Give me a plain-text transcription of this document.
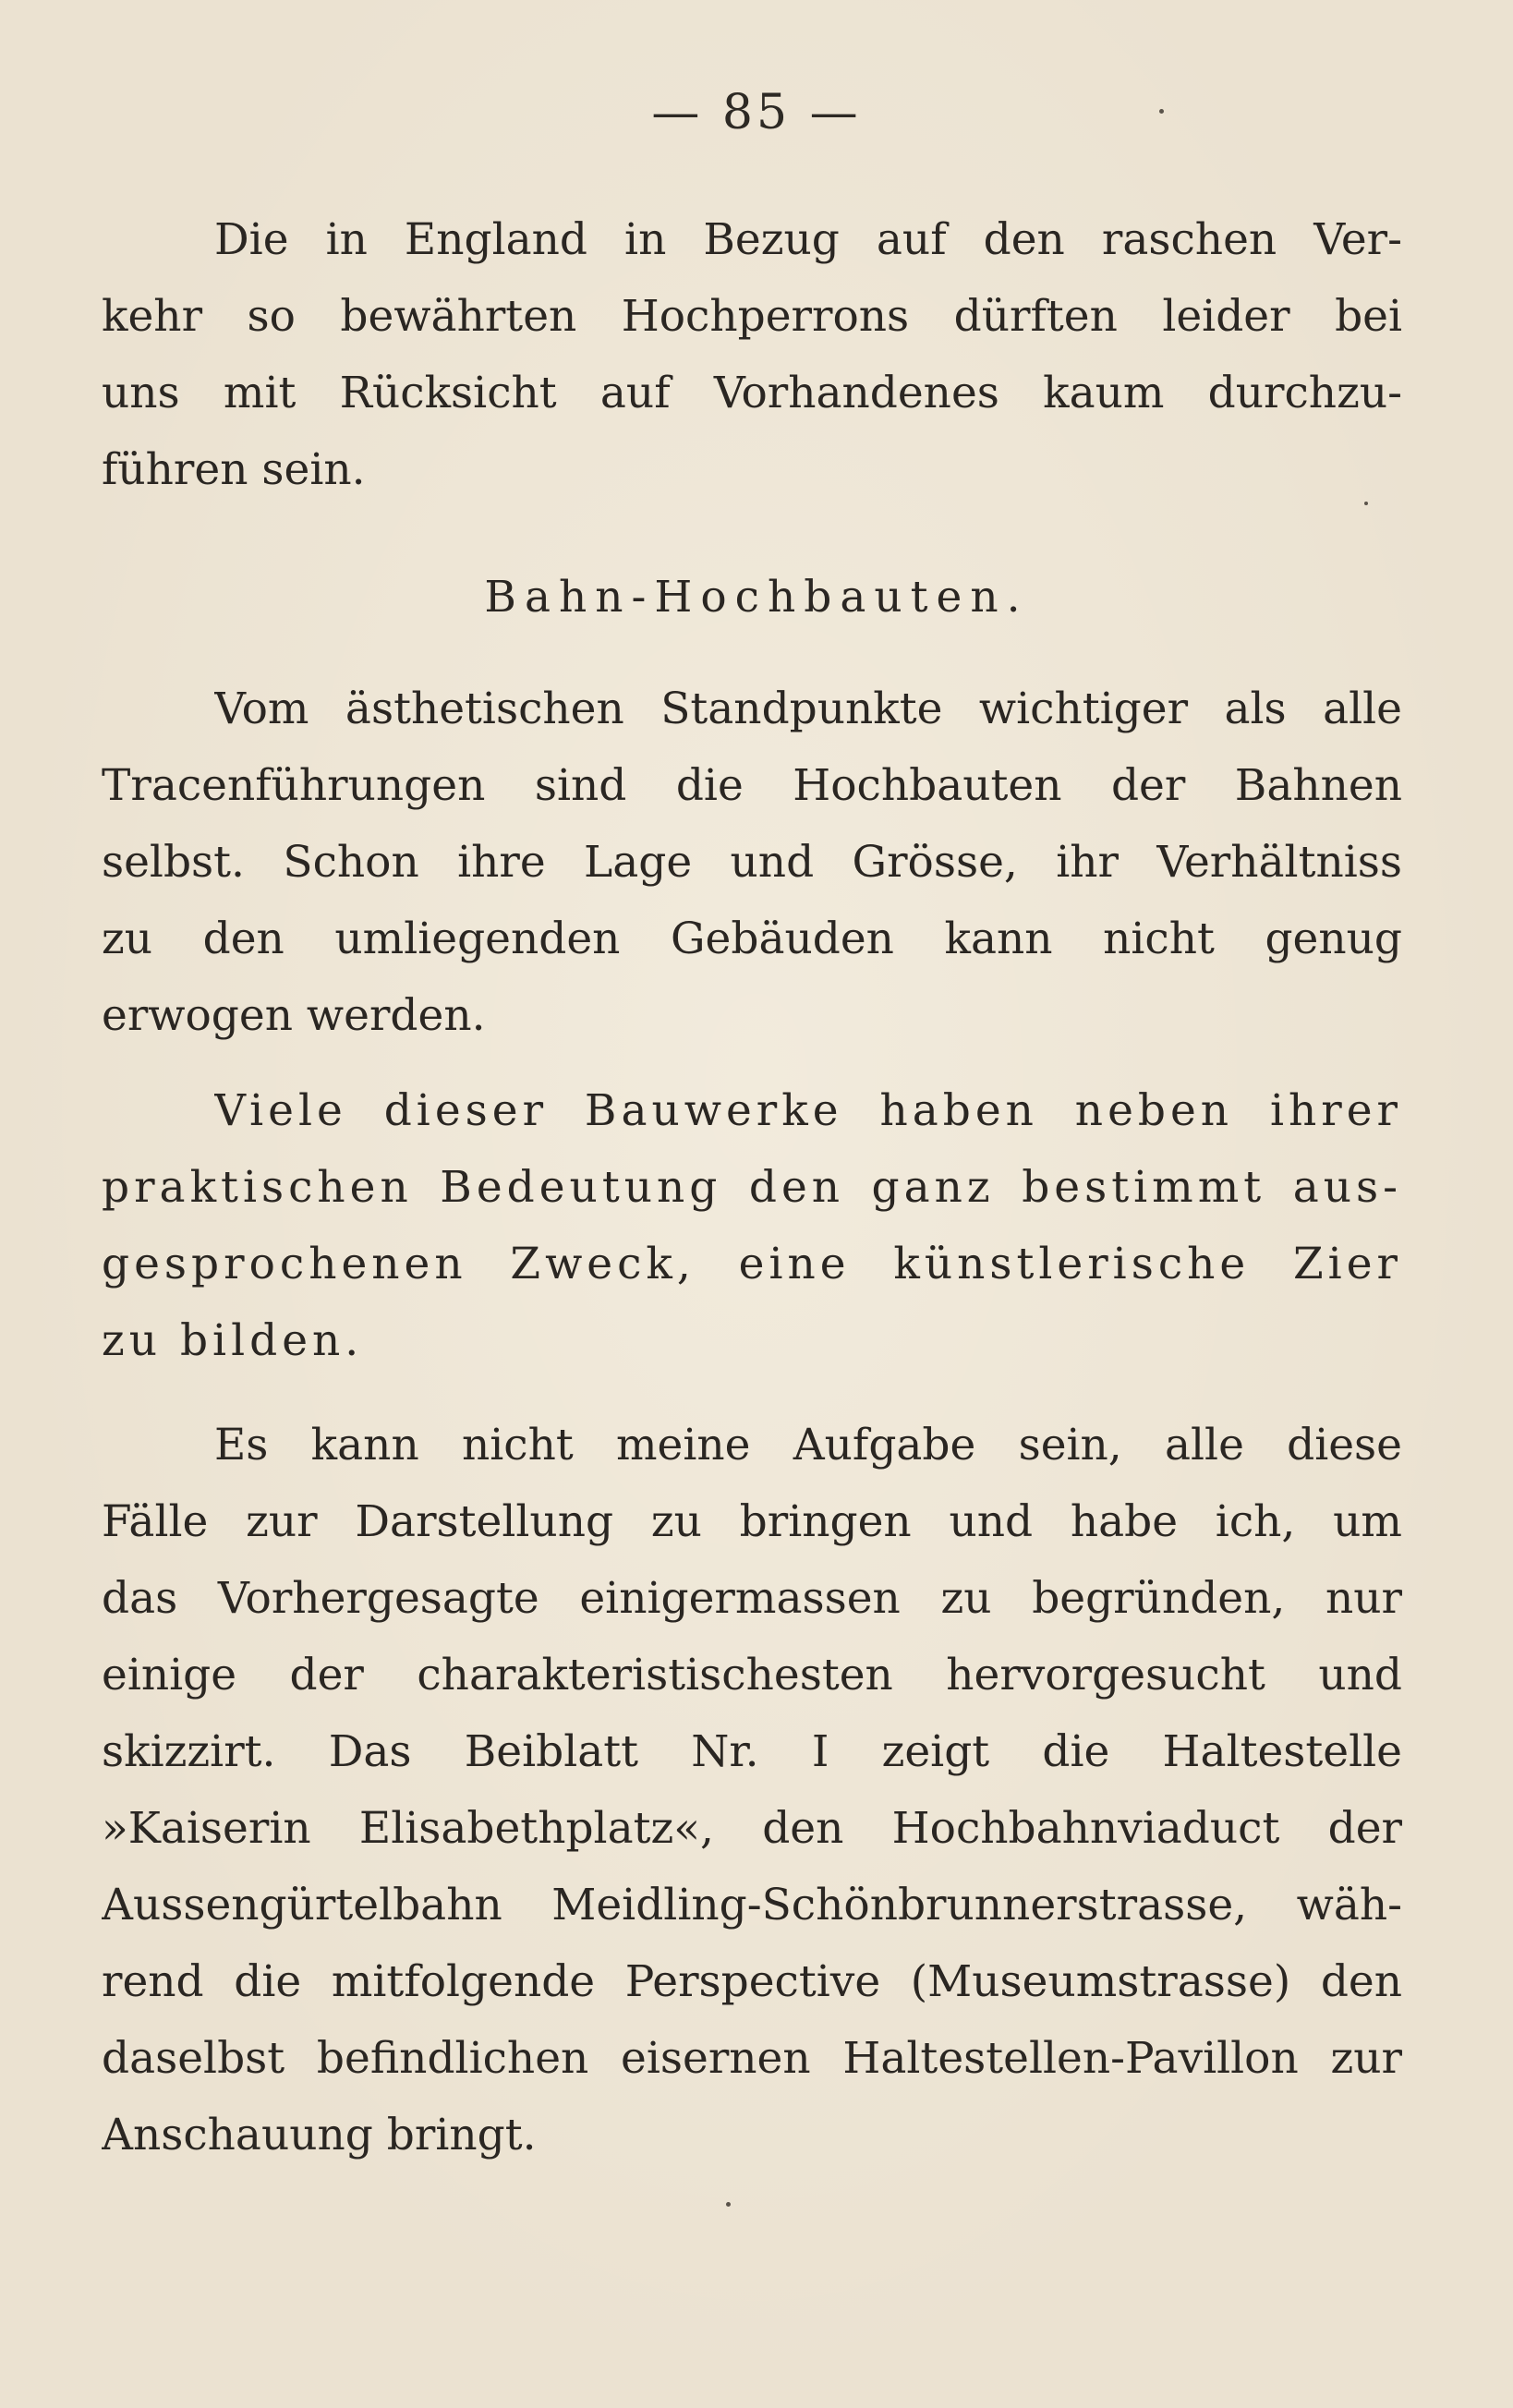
— 85 —
Die in England in Bezug auf den raschen Ver-
kehr so bewährten Hochperrons dürften leider bei
uns mit Rücksicht auf Vorhandenes kaum durchzu-
führen sein.
Bahn-Hochbauten.
Vom ästhetischen Standpunkte wichtiger als alle
Tracenführungen sind die Hochbauten der Bahnen
selbst. Schon ihre Lage und Grösse, ihr Verhältniss
zu den umliegenden Gebäuden kann nicht genug
erwogen werden.
Viele dieser Bauwerke haben neben ihrer
praktischen Bedeutung den ganz bestimmt aus-
gesprochenen Zweck, eine künstlerische Zier
zu bilden.
Es kann nicht meine Aufgabe sein, alle diese
Fälle zur Darstellung zu bringen und habe ich, um
das Vorhergesagte einigermassen zu begründen, nur
einige der charakteristischesten hervorgesucht und
skizzirt. Das Beiblatt Nr. I zeigt die Haltestelle
»Kaiserin Elisabethplatz«, den Hochbahnviaduct der
Aussengürtelbahn Meidling-Schönbrunnerstrasse, wäh-
rend die mitfolgende Perspective (Museumstrasse) den
daselbst befindlichen eisernen Haltestellen-Pavillon zur
Anschauung bringt.
